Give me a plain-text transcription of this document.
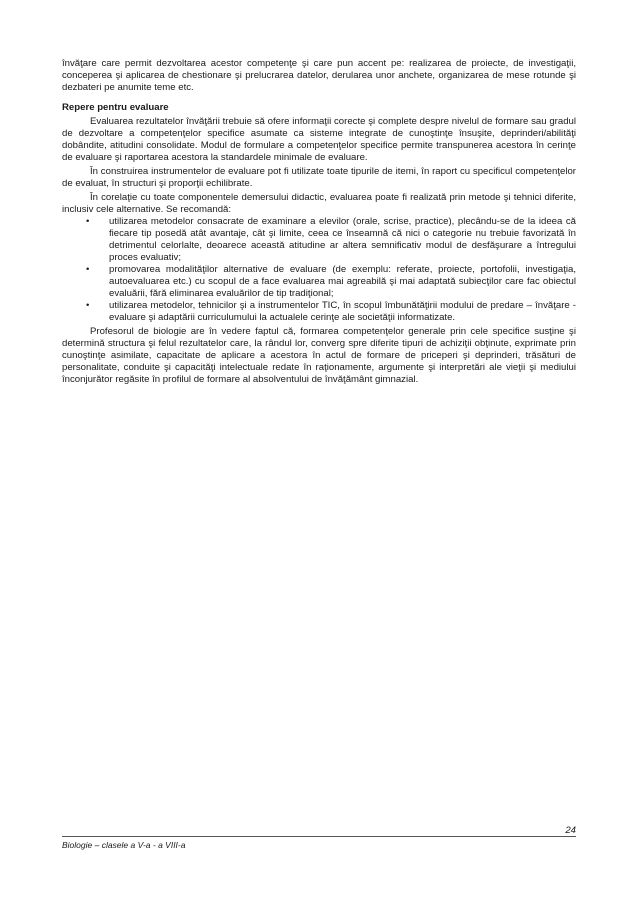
învăţare care permit dezvoltarea acestor competenţe şi care pun accent pe: realizarea de proiecte, de investigaţii, conceperea şi aplicarea de chestionare şi prelucrarea datelor, derularea unor anchete, organizarea de mese rotunde şi dezbateri pe anumite teme etc.

Repere pentru evaluare

Evaluarea rezultatelor învăţării trebuie să ofere informaţii corecte şi complete despre nivelul de formare sau gradul de dezvoltare a competenţelor specifice asumate ca sisteme integrate de cunoştinţe însuşite, deprinderi/abilităţi dobândite, atitudini consolidate. Modul de formulare a competenţelor specifice permite transpunerea acestora în cerinţe de evaluare şi raportarea acestora la standardele minimale de evaluare.

În construirea instrumentelor de evaluare pot fi utilizate toate tipurile de itemi, în raport cu specificul competenţelor de evaluat, în structuri şi proporţii echilibrate.

În corelaţie cu toate componentele demersului didactic, evaluarea poate fi realizată prin metode şi tehnici diferite, inclusiv cele alternative. Se recomandă:

• utilizarea metodelor consacrate de examinare a elevilor (orale, scrise, practice), plecându-se de la ideea că fiecare tip posedă atât avantaje, cât şi limite, ceea ce înseamnă că nici o categorie nu trebuie favorizată în detrimentul celorlalte, deoarece această atitudine ar altera semnificativ modul de desfăşurare a întregului proces evaluativ;
• promovarea modalităţilor alternative de evaluare (de exemplu: referate, proiecte, portofolii, investigaţia, autoevaluarea etc.) cu scopul de a face evaluarea mai agreabilă şi mai adaptată subiecţilor care fac obiectul evaluării, fără eliminarea evaluărilor de tip tradiţional;
• utilizarea metodelor, tehnicilor şi a instrumentelor TIC, în scopul îmbunătăţirii modului de predare – învăţare - evaluare şi adaptării curriculumului la actualele cerinţe ale societăţii informatizate.

Profesorul de biologie are în vedere faptul că, formarea competenţelor generale prin cele specifice susţine şi determină structura şi felul rezultatelor care, la rândul lor, converg spre diferite tipuri de achiziţii obţinute, exprimate prin cunoştinţe asimilate, capacitate de aplicare a acestora în actul de formare de priceperi şi deprinderi, trăsături de personalitate, conduite şi capacităţi intelectuale redate în raţionamente, argumente şi interpretări ale vieţii şi mediului înconjurător regăsite în profilul de formare al absolventului de învăţământ gimnazial.

24
Biologie – clasele a V-a - a VIII-a
